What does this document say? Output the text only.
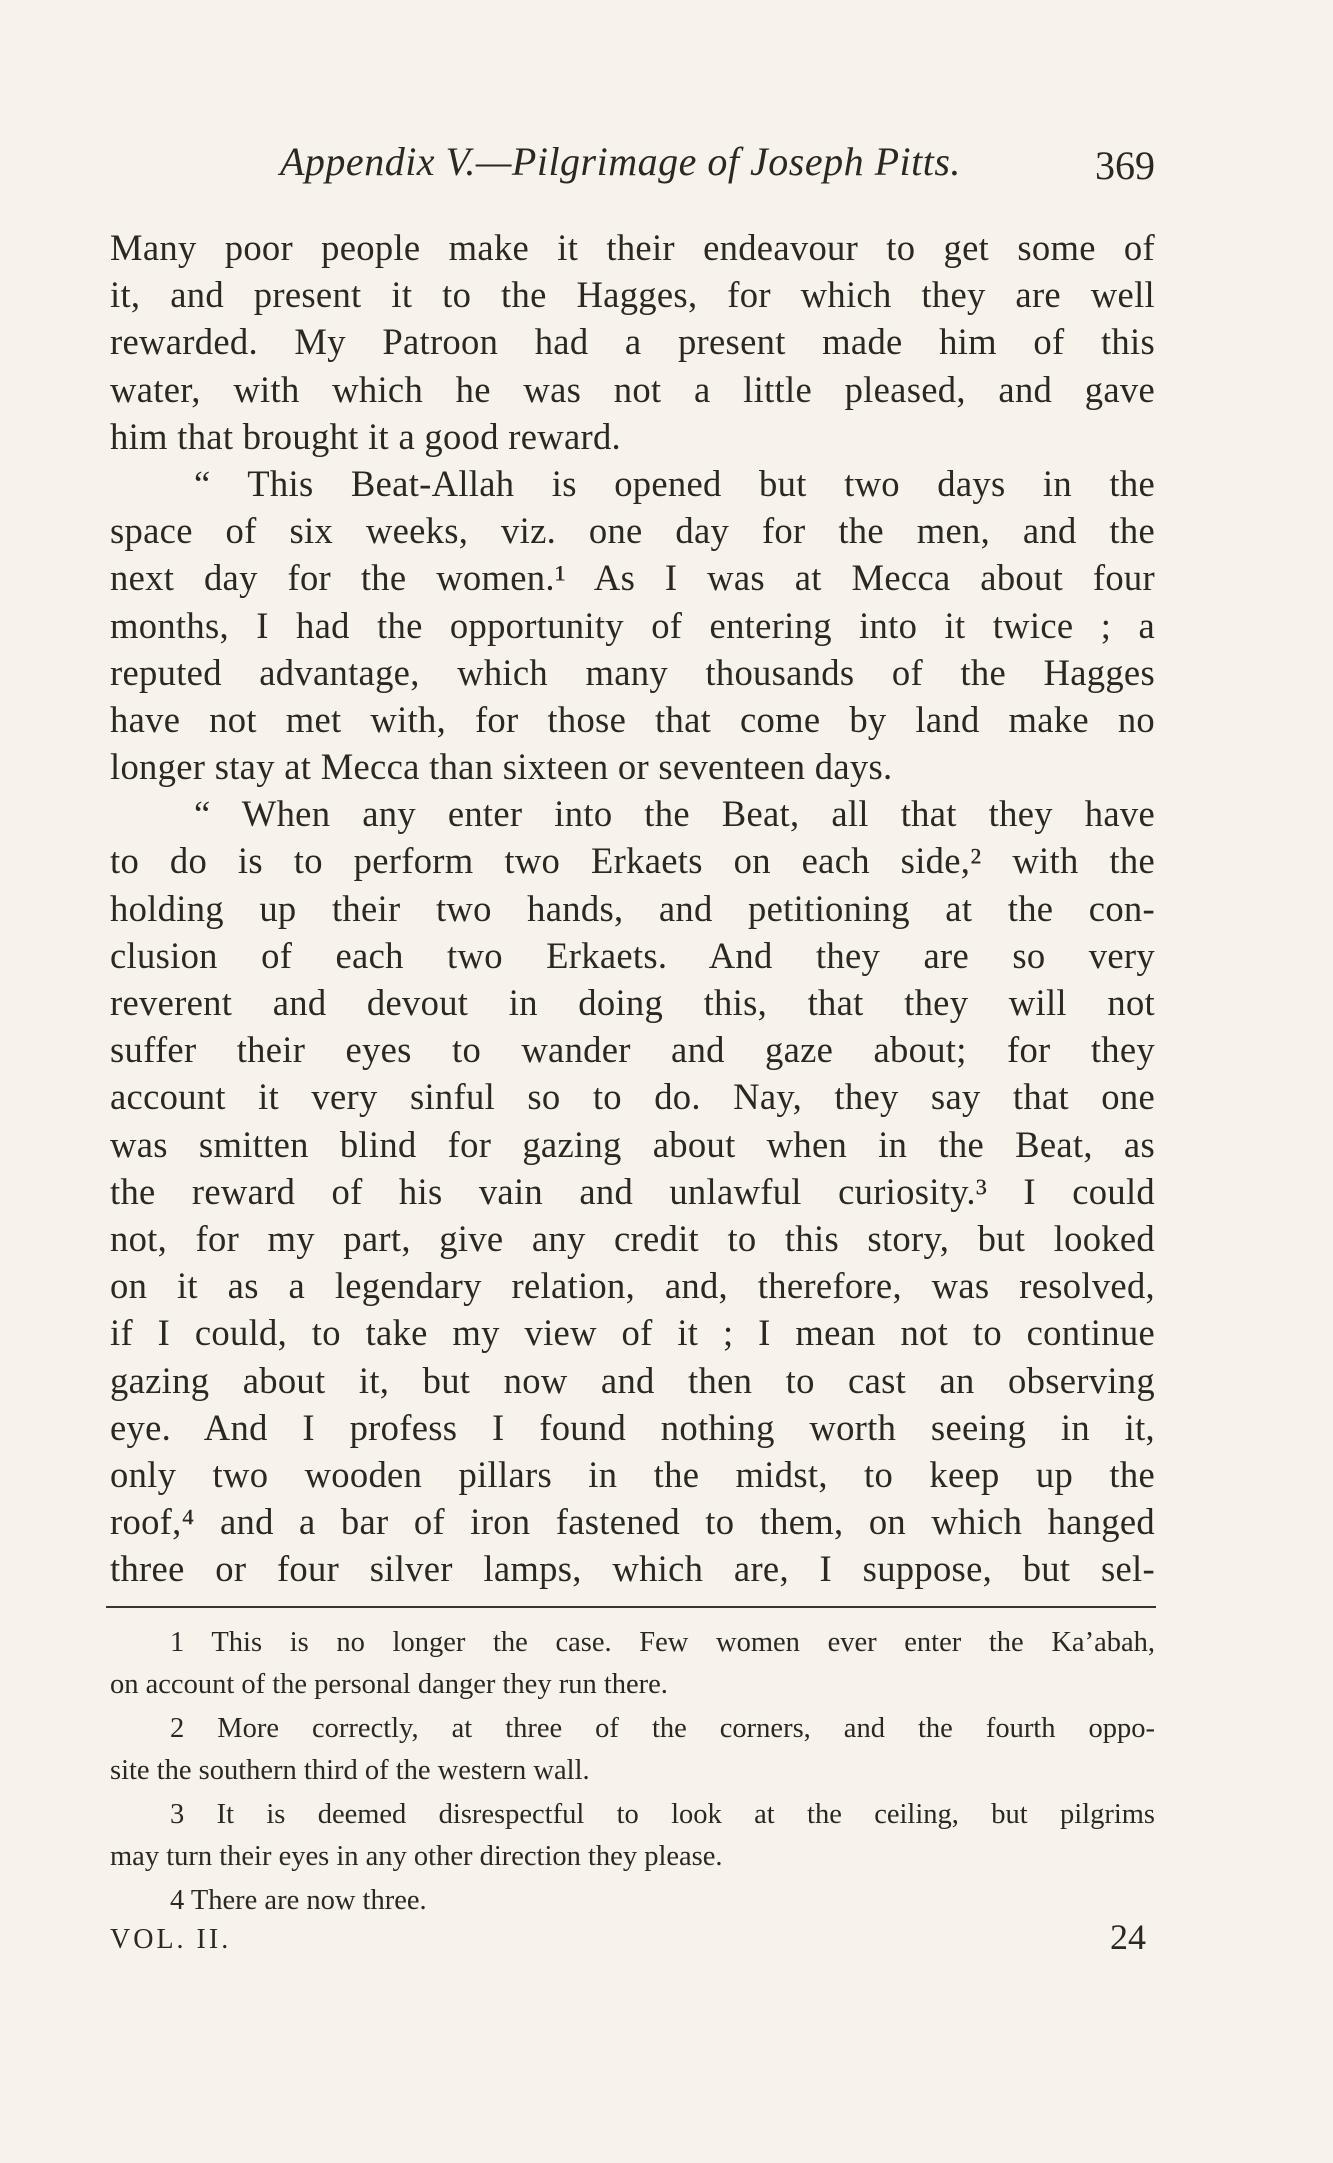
Appendix V.—Pilgrimage of Joseph Pitts.	369
Many poor people make it their endeavour to get some of
it, and present it to the Hagges, for which they are well
rewarded. My Patroon had a present made him of this
water, with which he was not a little pleased, and gave
him that brought it a good reward.
“ This Beat-Allah is opened but two days in the
space of six weeks, viz. one day for the men, and the
next day for the women.¹ As I was at Mecca about four
months, I had the opportunity of entering into it twice ; a
reputed advantage, which many thousands of the Hagges
have not met with, for those that come by land make no
longer stay at Mecca than sixteen or seventeen days.
“ When any enter into the Beat, all that they have
to do is to perform two Erkaets on each side,² with the
holding up their two hands, and petitioning at the con-
clusion of each two Erkaets. And they are so very
reverent and devout in doing this, that they will not
suffer their eyes to wander and gaze about; for they
account it very sinful so to do. Nay, they say that one
was smitten blind for gazing about when in the Beat, as
the reward of his vain and unlawful curiosity.³ I could
not, for my part, give any credit to this story, but looked
on it as a legendary relation, and, therefore, was resolved,
if I could, to take my view of it ; I mean not to continue
gazing about it, but now and then to cast an observing
eye. And I profess I found nothing worth seeing in it,
only two wooden pillars in the midst, to keep up the
roof,⁴ and a bar of iron fastened to them, on which hanged
three or four silver lamps, which are, I suppose, but sel-
1 This is no longer the case. Few women ever enter the Ka’abah,
on account of the personal danger they run there.
2 More correctly, at three of the corners, and the fourth oppo-
site the southern third of the western wall.
3 It is deemed disrespectful to look at the ceiling, but pilgrims
may turn their eyes in any other direction they please.
4 There are now three.
VOL. II.	24
